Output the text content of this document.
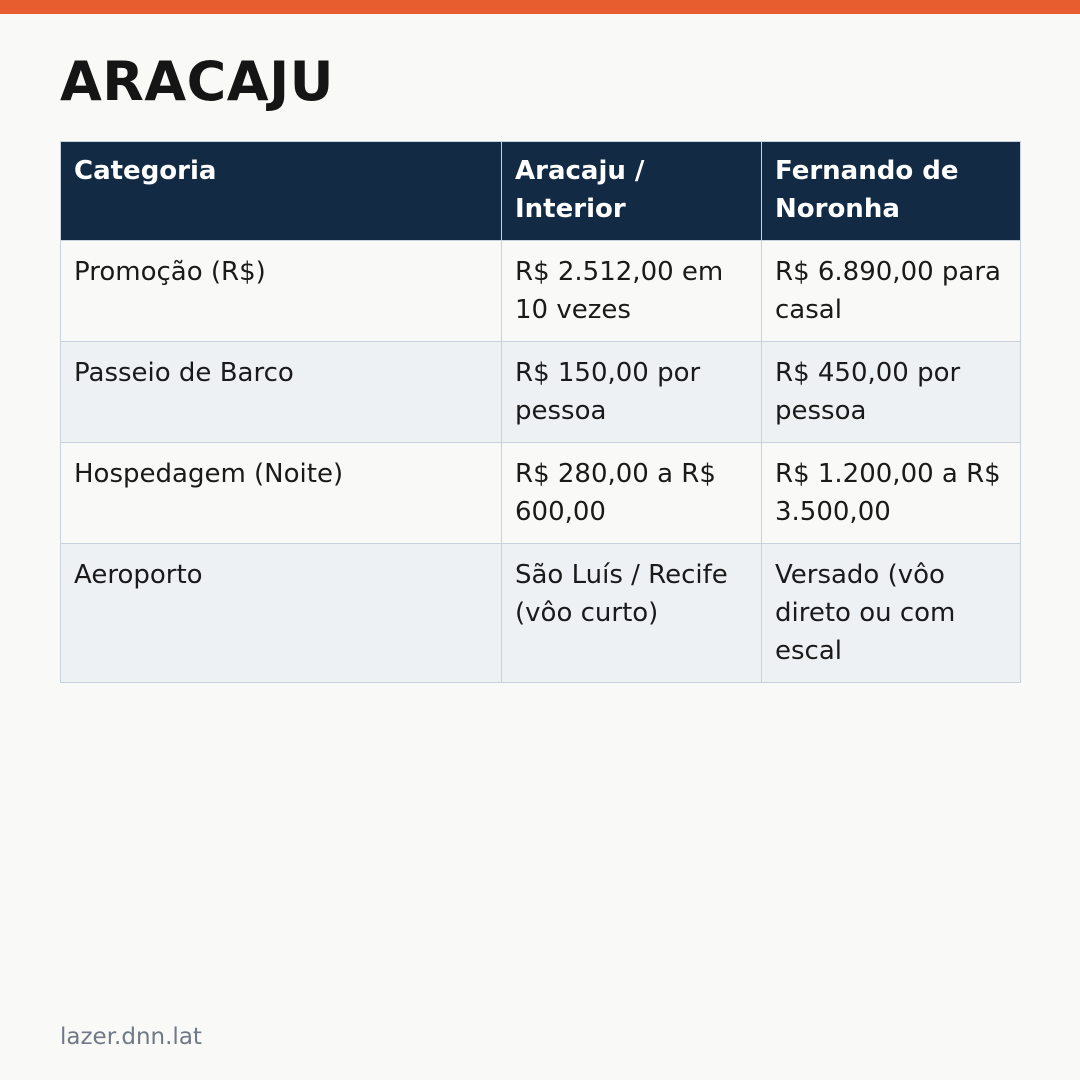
ARACAJU
Categoria	Aracaju / Interior	Fernando de Noronha
Promoção (R$)	R$ 2.512,00 em 10 vezes	R$ 6.890,00 para casal
Passeio de Barco	R$ 150,00 por pessoa	R$ 450,00 por pessoa
Hospedagem (Noite)	R$ 280,00 a R$ 600,00	R$ 1.200,00 a R$ 3.500,00
Aeroporto	São Luís / Recife (vôo curto)	Versado (vôo direto ou com escal
lazer.dnn.lat
